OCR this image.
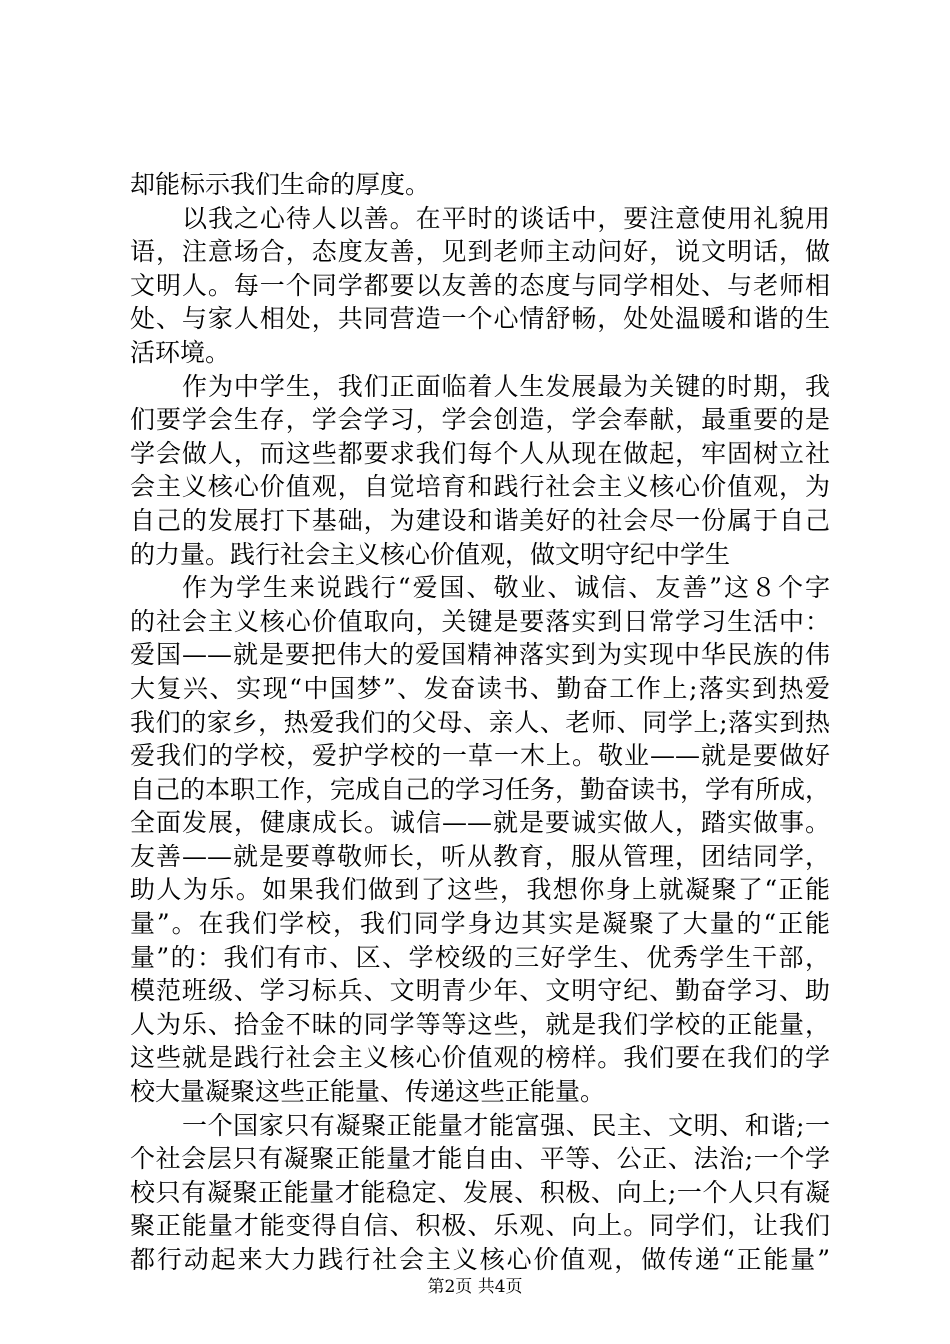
却能标示我们生命的厚度。
以我之心待人以善。在平时的谈话中，要注意使用礼貌用
语，注意场合，态度友善，见到老师主动问好，说文明话，做
文明人。每一个同学都要以友善的态度与同学相处、与老师相
处、与家人相处，共同营造一个心情舒畅，处处温暖和谐的生
活环境。
作为中学生，我们正面临着人生发展最为关键的时期，我
们要学会生存，学会学习，学会创造，学会奉献，最重要的是
学会做人，而这些都要求我们每个人从现在做起，牢固树立社
会主义核心价值观，自觉培育和践行社会主义核心价值观，为
自己的发展打下基础，为建设和谐美好的社会尽一份属于自己
的力量。践行社会主义核心价值观，做文明守纪中学生
作为学生来说践行“爱国、敬业、诚信、友善”这８个字
的社会主义核心价值取向，关键是要落实到日常学习生活中：
爱国——就是要把伟大的爱国精神落实到为实现中华民族的伟
大复兴、实现“中国梦”、发奋读书、勤奋工作上;落实到热爱
我们的家乡，热爱我们的父母、亲人、老师、同学上;落实到热
爱我们的学校，爱护学校的一草一木上。敬业——就是要做好
自己的本职工作，完成自己的学习任务，勤奋读书，学有所成，
全面发展，健康成长。诚信——就是要诚实做人，踏实做事。
友善——就是要尊敬师长，听从教育，服从管理，团结同学，
助人为乐。如果我们做到了这些，我想你身上就凝聚了“正能
量”。在我们学校，我们同学身边其实是凝聚了大量的“正能
量”的：我们有市、区、学校级的三好学生、优秀学生干部，
模范班级、学习标兵、文明青少年、文明守纪、勤奋学习、助
人为乐、拾金不昧的同学等等这些，就是我们学校的正能量，
这些就是践行社会主义核心价值观的榜样。我们要在我们的学
校大量凝聚这些正能量、传递这些正能量。
一个国家只有凝聚正能量才能富强、民主、文明、和谐;一
个社会层只有凝聚正能量才能自由、平等、公正、法治;一个学
校只有凝聚正能量才能稳定、发展、积极、向上;一个人只有凝
聚正能量才能变得自信、积极、乐观、向上。同学们，让我们
都行动起来大力践行社会主义核心价值观，做传递“正能量”
第2页 共4页
